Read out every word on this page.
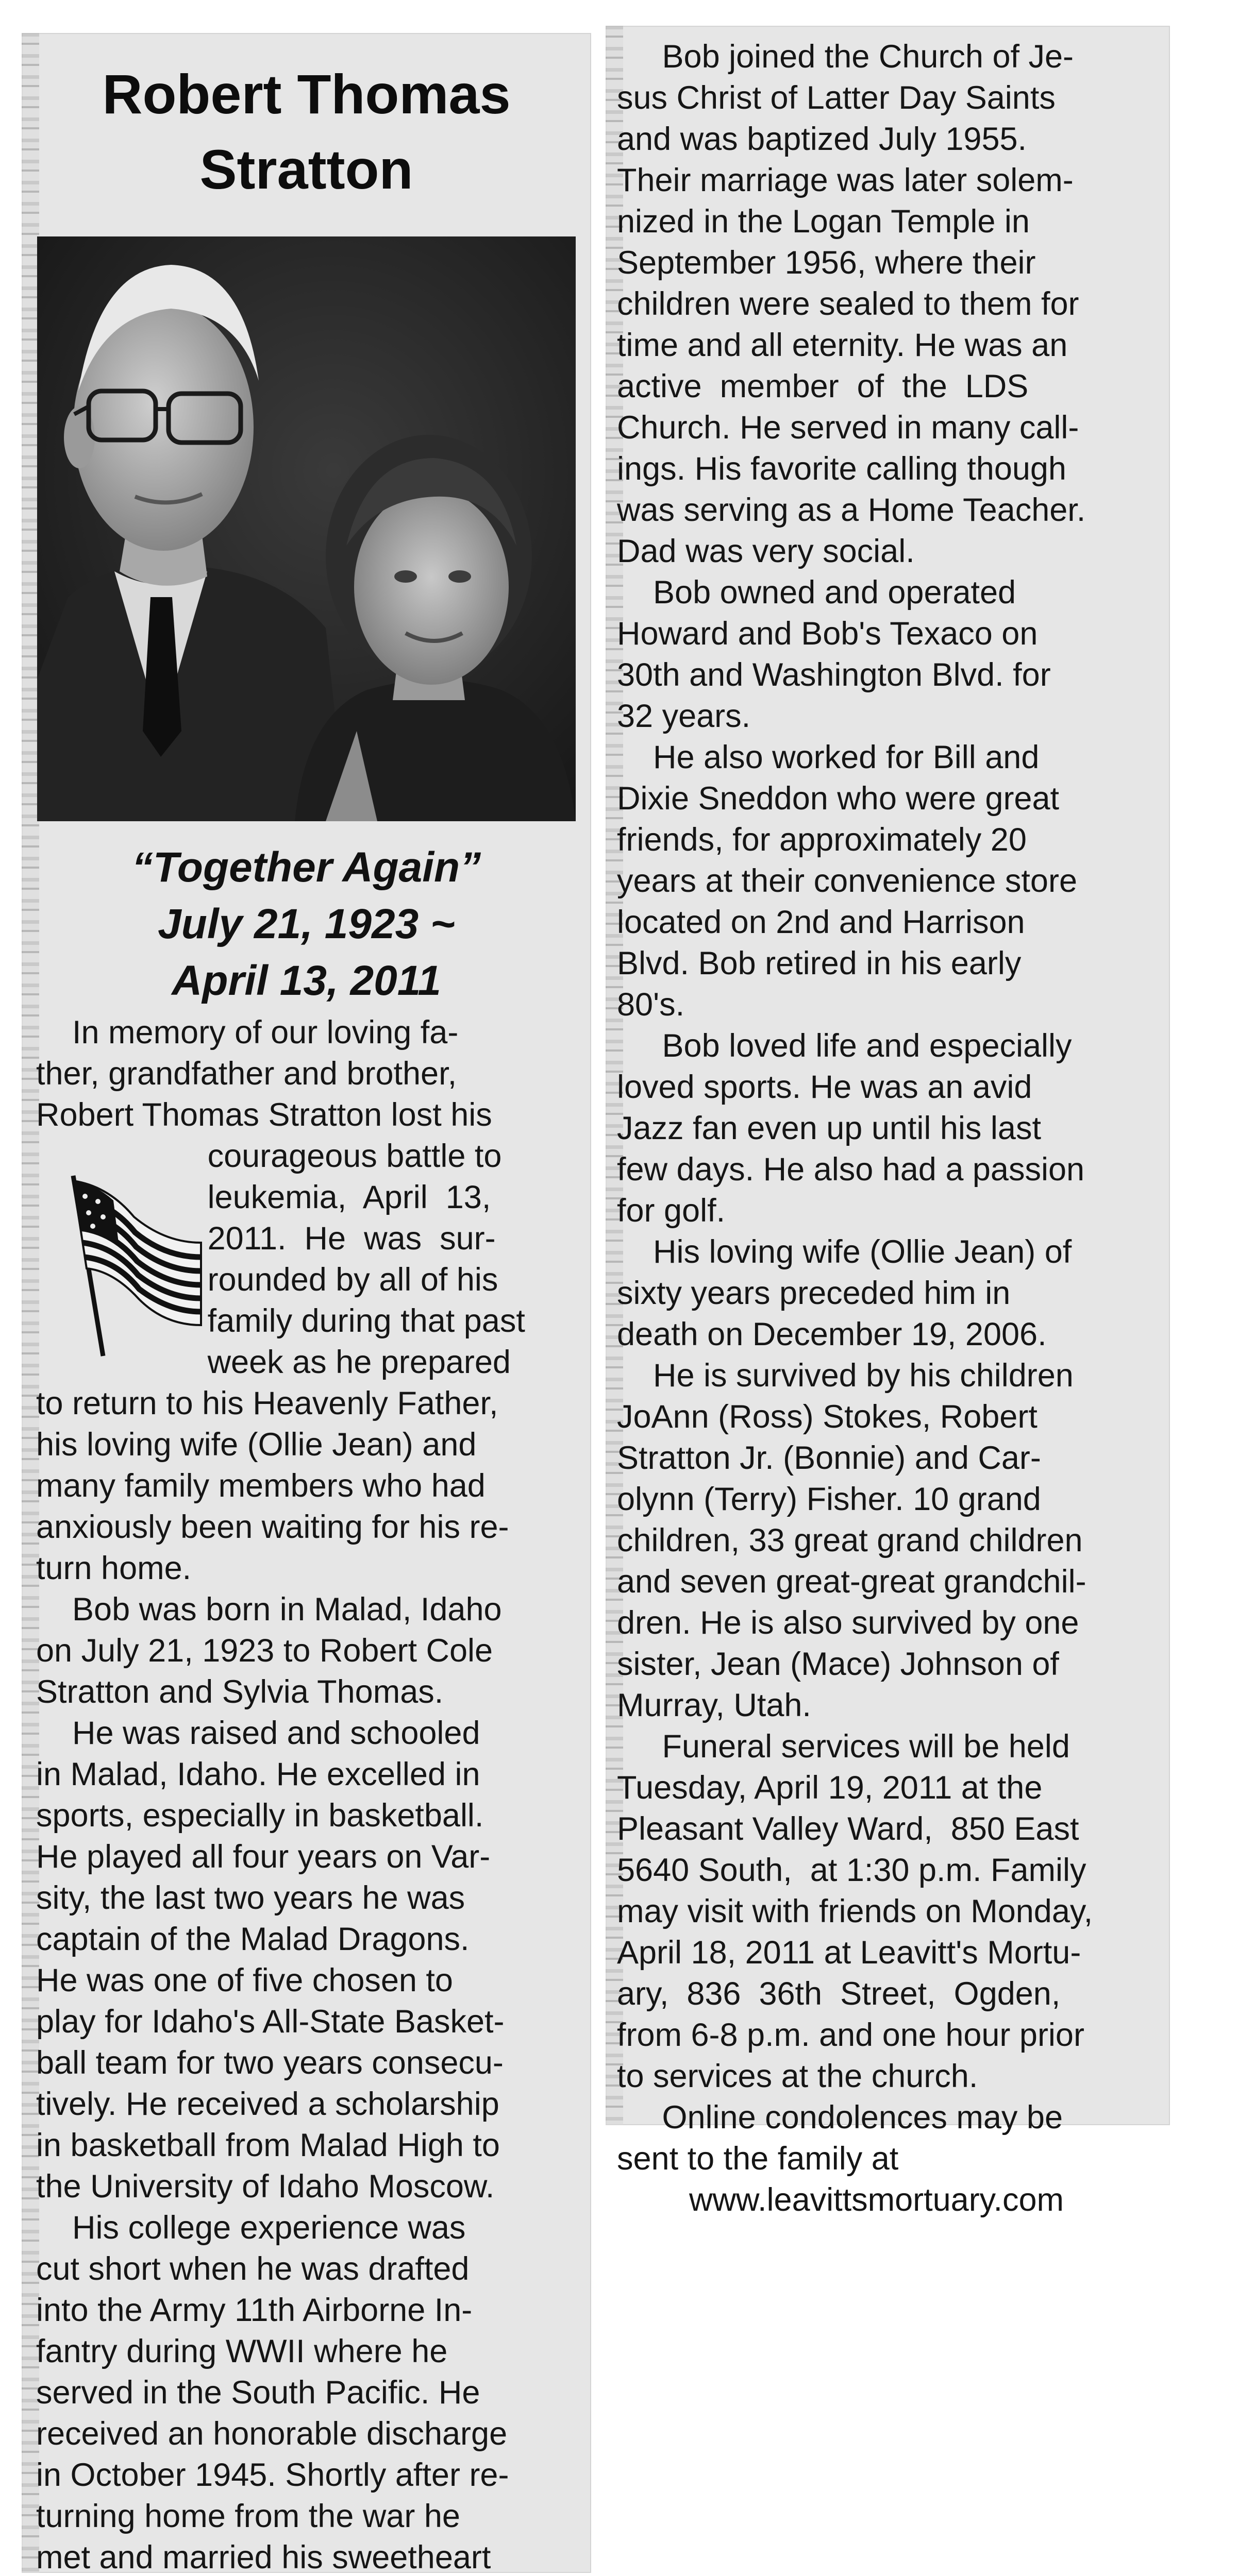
Robert Thomas
Stratton
“Together Again”
July 21, 1923 ~
April 13, 2011
In memory of our loving fa-
ther, grandfather and brother,
Robert Thomas Stratton lost his
courageous battle to
leukemia,  April  13,
2011.  He  was  sur-
rounded by all of his
family during that past
week as he prepared
to return to his Heavenly Father,
his loving wife (Ollie Jean) and
many family members who had
anxiously been waiting for his re-
turn home.
Bob was born in Malad, Idaho
on July 21, 1923 to Robert Cole
Stratton and Sylvia Thomas.
He was raised and schooled
in Malad, Idaho. He excelled in
sports, especially in basketball.
He played all four years on Var-
sity, the last two years he was
captain of the Malad Dragons.
He was one of five chosen to
play for Idaho's All-State Basket-
ball team for two years consecu-
tively. He received a scholarship
in basketball from Malad High to
the University of Idaho Moscow.
His college experience was
cut short when he was drafted
into the Army 11th Airborne In-
fantry during WWII where he
served in the South Pacific. He
received an honorable discharge
in October 1945. Shortly after re-
turning home from the war he
met and married his sweetheart
Bob joined the Church of Je-
sus Christ of Latter Day Saints
and was baptized July 1955.
Their marriage was later solem-
nized in the Logan Temple in
September 1956, where their
children were sealed to them for
time and all eternity. He was an
active  member  of  the  LDS
Church. He served in many call-
ings. His favorite calling though
was serving as a Home Teacher.
Dad was very social.
Bob owned and operated
Howard and Bob's Texaco on
30th and Washington Blvd. for
32 years.
He also worked for Bill and
Dixie Sneddon who were great
friends, for approximately 20
years at their convenience store
located on 2nd and Harrison
Blvd. Bob retired in his early
80's.
Bob loved life and especially
loved sports. He was an avid
Jazz fan even up until his last
few days. He also had a passion
for golf.
His loving wife (Ollie Jean) of
sixty years preceded him in
death on December 19, 2006.
He is survived by his children
JoAnn (Ross) Stokes, Robert
Stratton Jr. (Bonnie) and Car-
olynn (Terry) Fisher. 10 grand
children, 33 great grand children
and seven great-great grandchil-
dren. He is also survived by one
sister, Jean (Mace) Johnson of
Murray, Utah.
Funeral services will be held
Tuesday, April 19, 2011 at the
Pleasant Valley Ward,  850 East
5640 South,  at 1:30 p.m. Family
may visit with friends on Monday,
April 18, 2011 at Leavitt's Mortu-
ary,  836  36th  Street,  Ogden,
from 6-8 p.m. and one hour prior
to services at the church.
Online condolences may be
sent to the family at
www.leavittsmortuary.com
